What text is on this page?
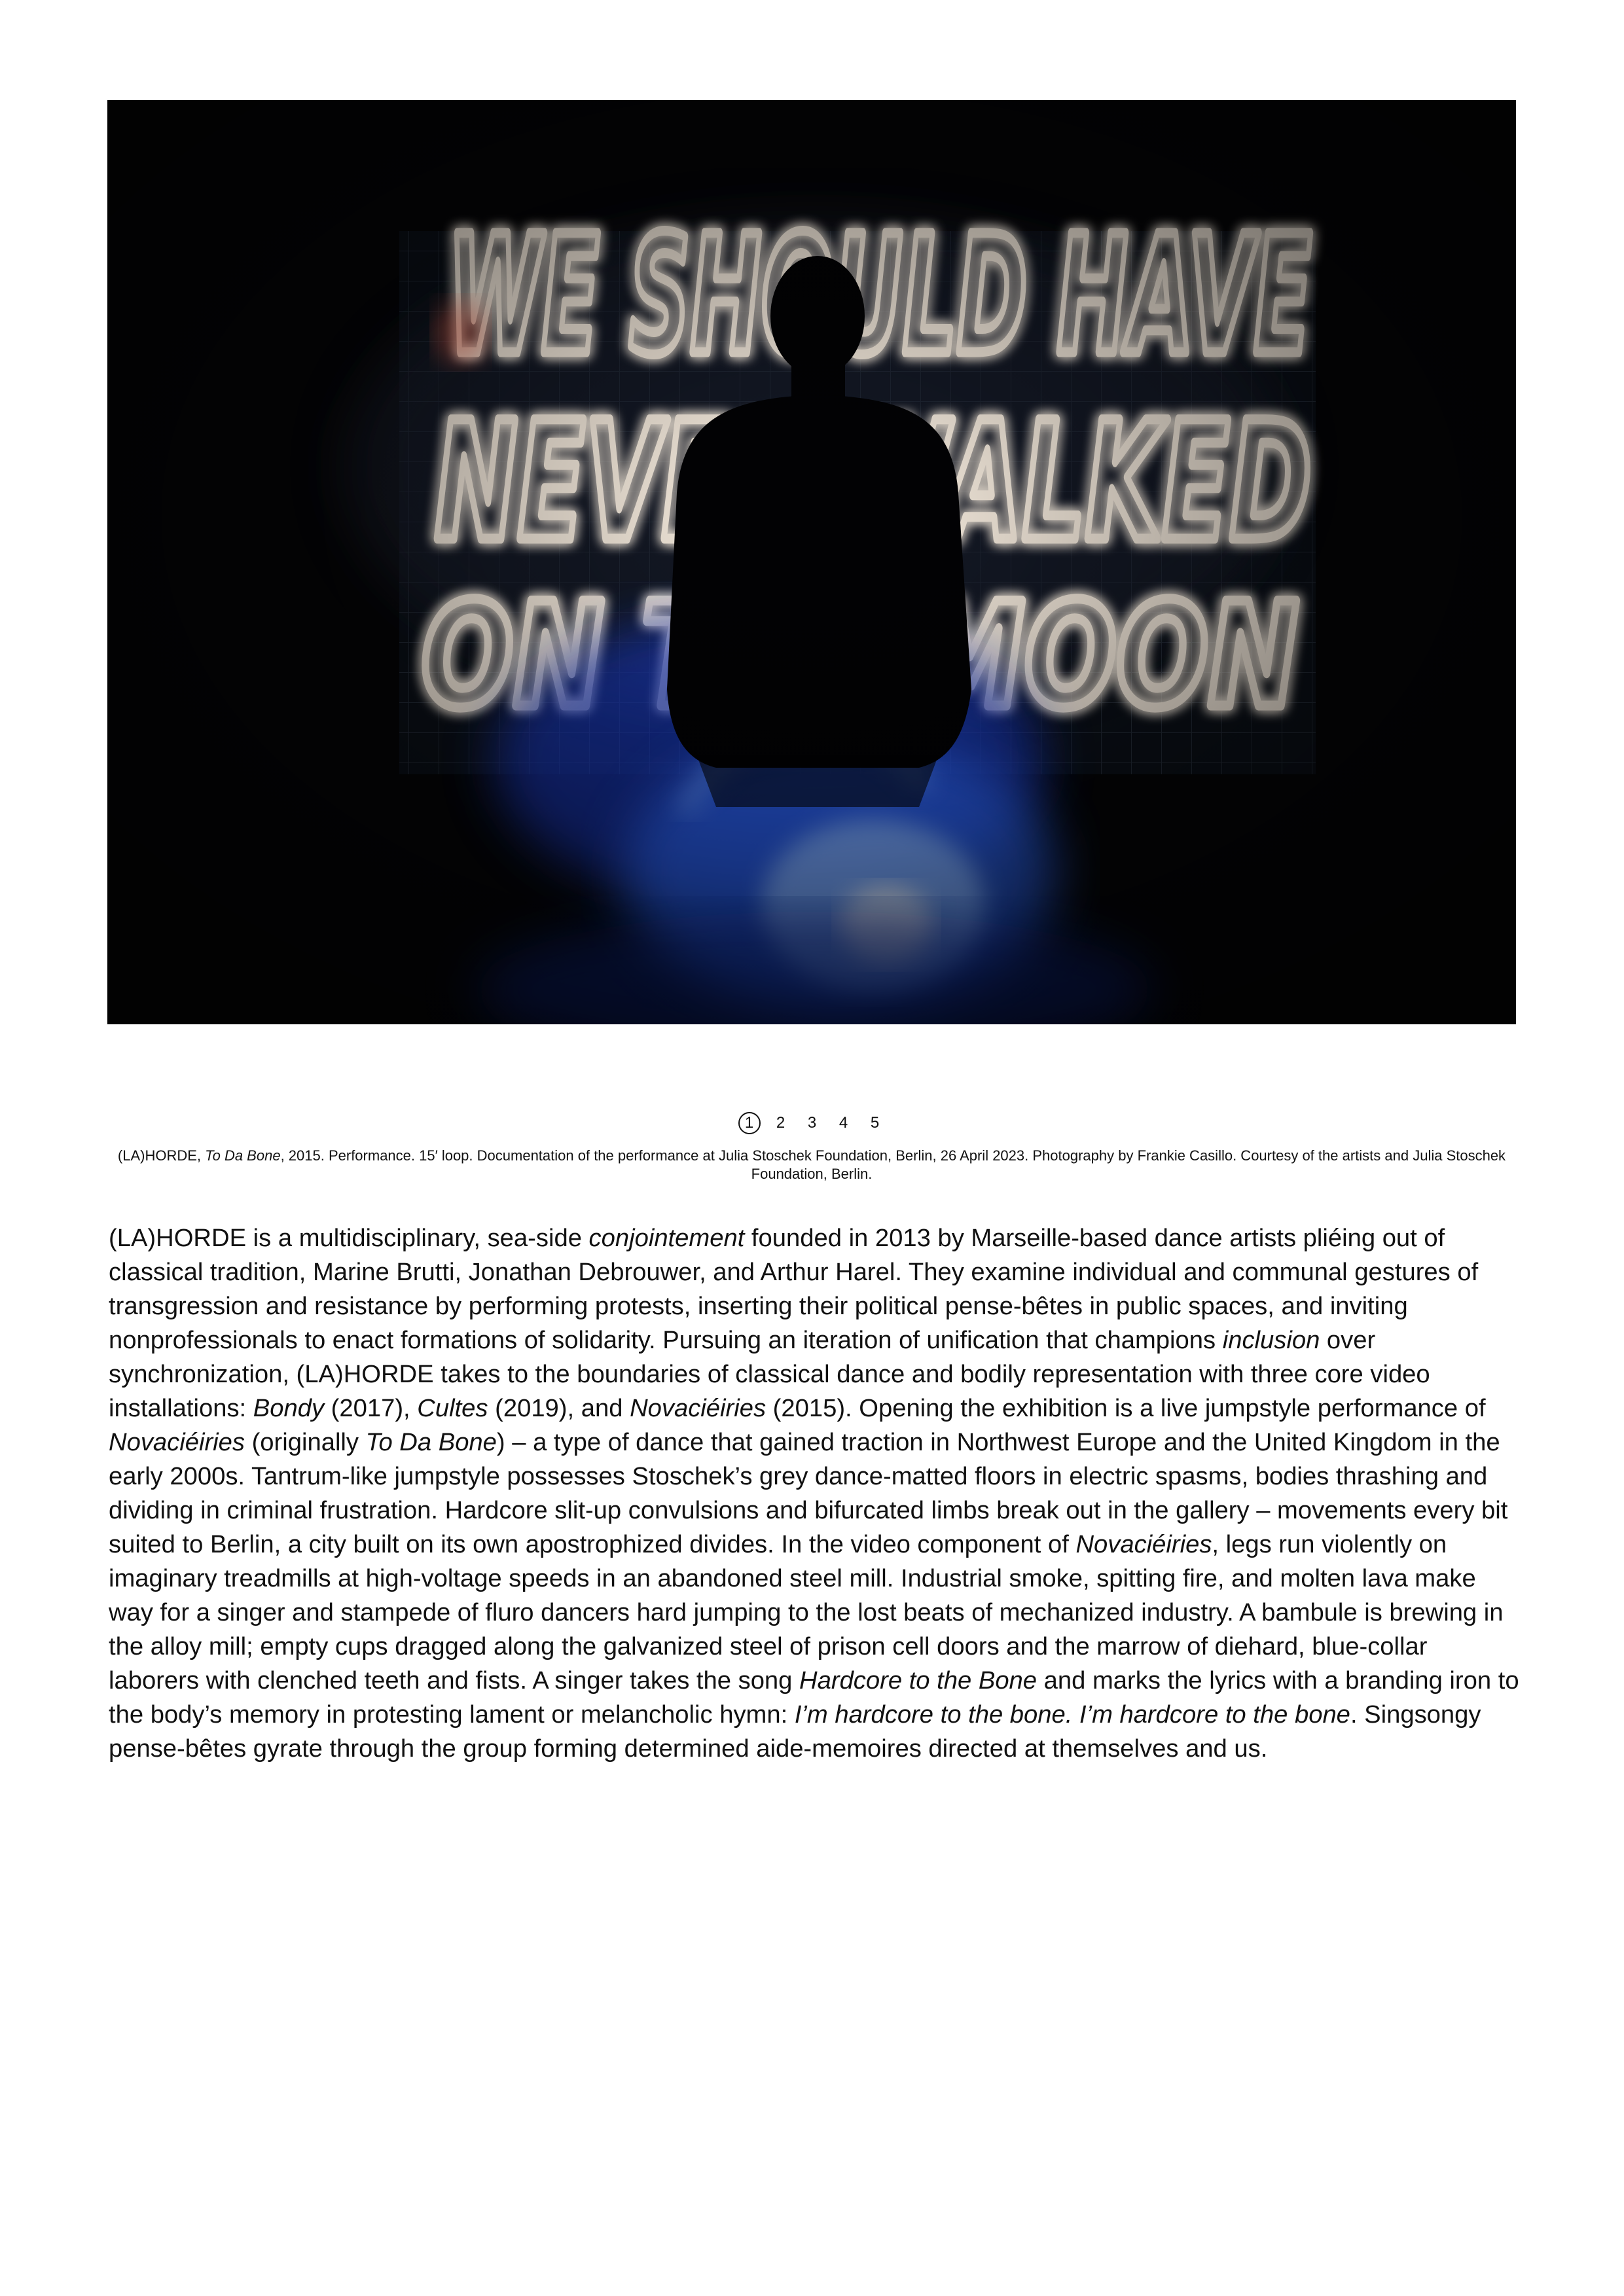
1	2	3	4	5
(LA)HORDE, To Da Bone, 2015. Performance. 15′ loop. Documentation of the performance at Julia Stoschek Foundation, Berlin, 26 April 2023. Photography by Frankie Casillo. Courtesy of the artists and Julia Stoschek Foundation, Berlin.
(LA)HORDE is a multidisciplinary, sea-side conjointement founded in 2013 by Marseille-based dance artists pliéing out of classical tradition, Marine Brutti, Jonathan Debrouwer, and Arthur Harel. They examine individual and communal gestures of transgression and resistance by performing protests, inserting their political pense-bêtes in public spaces, and inviting nonprofessionals to enact formations of solidarity. Pursuing an iteration of unification that champions inclusion over synchronization, (LA)HORDE takes to the boundaries of classical dance and bodily representation with three core video installations: Bondy (2017), Cultes (2019), and Novaciéiries (2015). Opening the exhibition is a live jumpstyle performance of Novaciéiries (originally To Da Bone) – a type of dance that gained traction in Northwest Europe and the United Kingdom in the early 2000s. Tantrum-like jumpstyle possesses Stoschek’s grey dance-matted floors in electric spasms, bodies thrashing and dividing in criminal frustration. Hardcore slit-up convulsions and bifurcated limbs break out in the gallery – movements every bit suited to Berlin, a city built on its own apostrophized divides. In the video component of Novaciéiries, legs run violently on imaginary treadmills at high-voltage speeds in an abandoned steel mill. Industrial smoke, spitting fire, and molten lava make way for a singer and stampede of fluro dancers hard jumping to the lost beats of mechanized industry. A bambule is brewing in the alloy mill; empty cups dragged along the galvanized steel of prison cell doors and the marrow of diehard, blue-collar laborers with clenched teeth and fists. A singer takes the song Hardcore to the Bone and marks the lyrics with a branding iron to the body’s memory in protesting lament or melancholic hymn: I’m hardcore to the bone. I’m hardcore to the bone. Singsongy pense-bêtes gyrate through the group forming determined aide-memoires directed at themselves and us.
